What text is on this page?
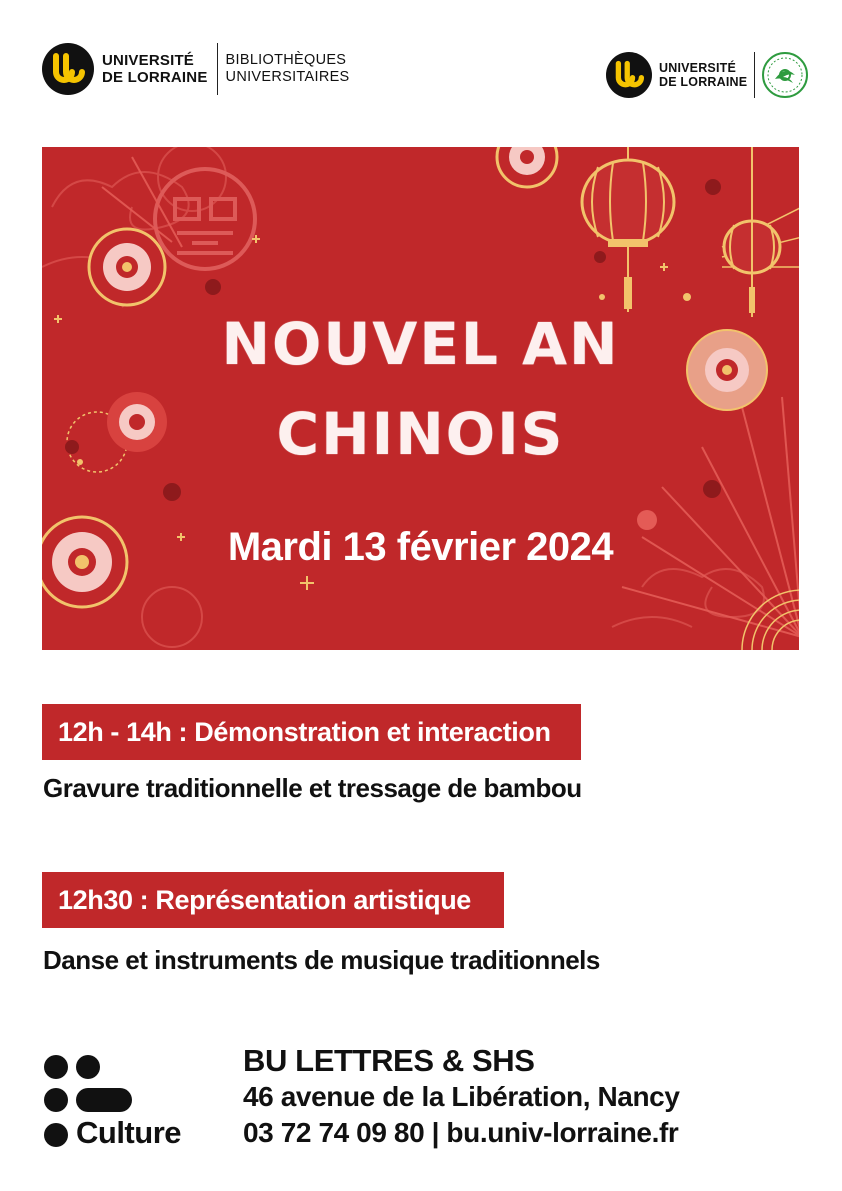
UNIVERSITÉ
DE LORRAINE
BIBLIOTHÈQUES
UNIVERSITAIRES
UNIVERSITÉ
DE LORRAINE
NOUVEL AN
CHINOIS
Mardi 13 février 2024
12h - 14h : Démonstration et interaction
Gravure traditionnelle et tressage de bambou
12h30 : Représentation artistique
Danse et instruments de musique traditionnels
Culture
BU LETTRES & SHS
46 avenue de la Libération, Nancy
03 72 74 09 80 | bu.univ-lorraine.fr
